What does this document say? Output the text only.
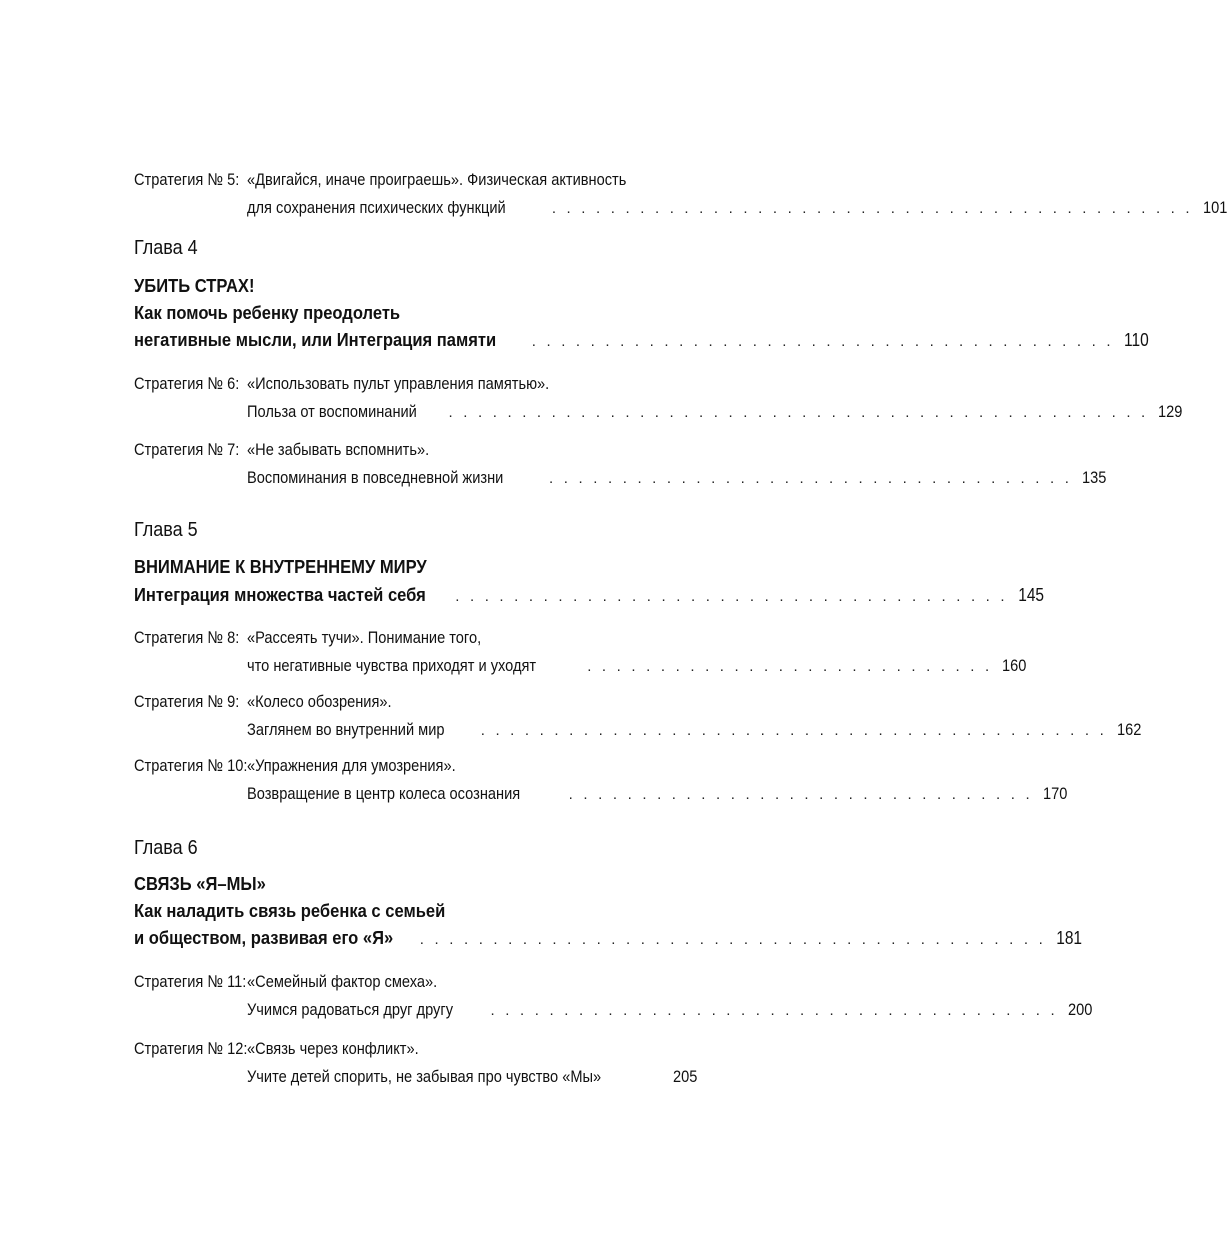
Стратегия № 5: «Двигайся, иначе проиграешь». Физическая активность
для сохранения психических функций	. . . . . . . . . . . . . . . . . . . . . . . . . . . . . . . . . . . . . . . . . . . . 101
Глава 4
УБИТЬ СТРАХ!
Как помочь ребенку преодолеть
негативные мысли, или Интеграция памяти . . . . . . . . . . . . . . . . . . . . . . . . . . . . . . . . . . . . . . . . 110
Стратегия № 6: «Использовать пульт управления памятью».
Польза от воспоминаний . . . . . . . . . . . . . . . . . . . . . . . . . . . . . . . . . . . . . . . . . . . . . . . . 129
Стратегия № 7: «Не забывать вспомнить».
Воспоминания в повседневной жизни	. . . . . . . . . . . . . . . . . . . . . . . . . . . . . . . . . . . . 135
Глава 5
ВНИМАНИЕ К ВНУТРЕННЕМУ МИРУ
Интеграция множества частей себя . . . . . . . . . . . . . . . . . . . . . . . . . . . . . . . . . . . . . . 145
Стратегия № 8: «Рассеять тучи». Понимание того,
что негативные чувства приходят и уходят	. . . . . . . . . . . . . . . . . . . . . . . . . . . . 160
Стратегия № 9: «Колесо обозрения».
Заглянем во внутренний мир . . . . . . . . . . . . . . . . . . . . . . . . . . . . . . . . . . . . . . . . . . . 162
Стратегия № 10: «Упражнения для умозрения».
Возвращение в центр колеса осознания	. . . . . . . . . . . . . . . . . . . . . . . . . . . . . . . . 170
Глава 6
СВЯЗЬ «Я–МЫ»
Как наладить связь ребенка с семьей
и обществом, развивая его «Я» . . . . . . . . . . . . . . . . . . . . . . . . . . . . . . . . . . . . . . . . . . . 181
Стратегия № 11: «Семейный фактор смеха».
Учимся радоваться друг другу	. . . . . . . . . . . . . . . . . . . . . . . . . . . . . . . . . . . . . . . 200
Стратегия № 12: «Связь через конфликт».
Учите детей спорить, не забывая про чувство «Мы»	205
